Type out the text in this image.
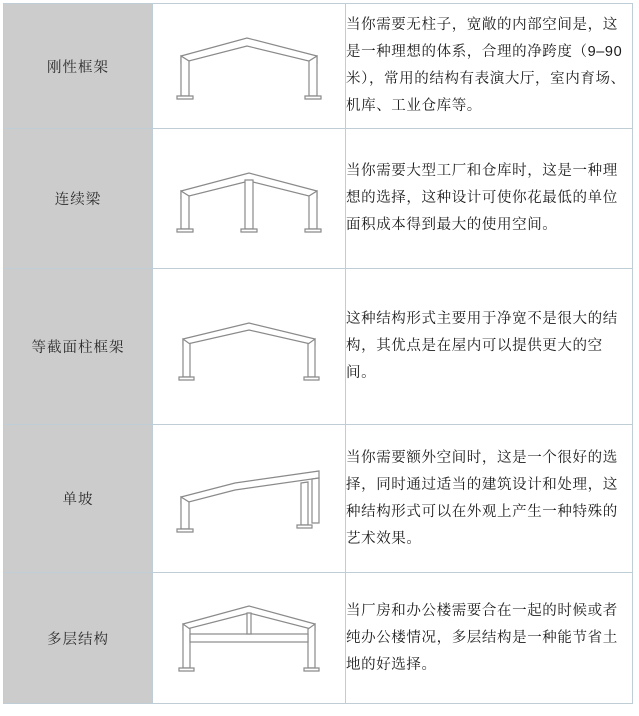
刚性框架		当你需要无柱子，宽敞的内部空间是，这是一种理想的体系，合理的净跨度（9–90 米），常用的结构有表演大厅，室内育场、机库、工业仓库等。

连续梁		当你需要大型工厂和仓库时，这是一种理想的选择，这种设计可使你花最低的单位面积成本得到最大的使用空间。

等截面柱框架		这种结构形式主要用于净宽不是很大的结构，其优点是在屋内可以提供更大的空间。

单坡		当你需要额外空间时，这是一个很好的选择，同时通过适当的建筑设计和处理，这种结构形式可以在外观上产生一种特殊的艺术效果。

多层结构		当厂房和办公楼需要合在一起的时候或者纯办公楼情况，多层结构是一种能节省土地的好选择。
